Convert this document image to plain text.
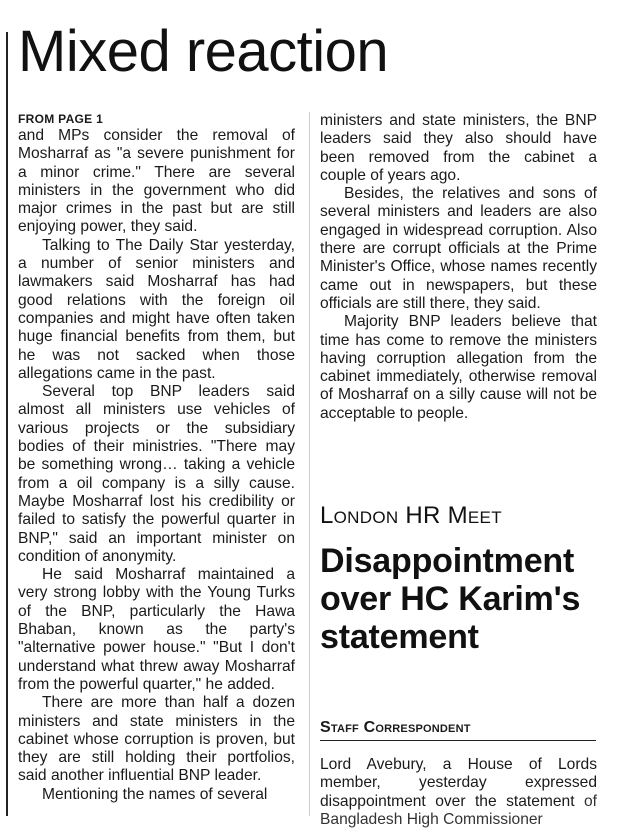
Mixed reaction
FROM PAGE 1

and MPs consider the removal of Mosharraf as "a severe punishment for a minor crime." There are several ministers in the government who did major crimes in the past but are still enjoying power, they said.

Talking to The Daily Star yesterday, a number of senior ministers and lawmakers said Mosharraf has had good relations with the foreign oil companies and might have often taken huge financial benefits from them, but he was not sacked when those allegations came in the past.

Several top BNP leaders said almost all ministers use vehicles of various projects or the subsidiary bodies of their ministries. "There may be something wrong… taking a vehicle from a oil company is a silly cause. Maybe Mosharraf lost his credibility or failed to satisfy the powerful quarter in BNP," said an important minister on condition of anonymity.

He said Mosharraf maintained a very strong lobby with the Young Turks of the BNP, particularly the Hawa Bhaban, known as the party's "alternative power house." "But I don't understand what threw away Mosharraf from the powerful quarter," he added.

There are more than half a dozen ministers and state ministers in the cabinet whose corruption is proven, but they are still holding their portfolios, said another influential BNP leader.

Mentioning the names of several

ministers and state ministers, the BNP leaders said they also should have been removed from the cabinet a couple of years ago.

Besides, the relatives and sons of several ministers and leaders are also engaged in widespread corruption. Also there are corrupt officials at the Prime Minister's Office, whose names recently came out in newspapers, but these officials are still there, they said.

Majority BNP leaders believe that time has come to remove the ministers having corruption allegation from the cabinet immediately, otherwise removal of Mosharraf on a silly cause will not be acceptable to people.

London HR Meet
Disappointment over HC Karim's statement
Staff Correspondent

Lord Avebury, a House of Lords member, yesterday expressed disappointment over the statement of Bangladesh High Commissioner
